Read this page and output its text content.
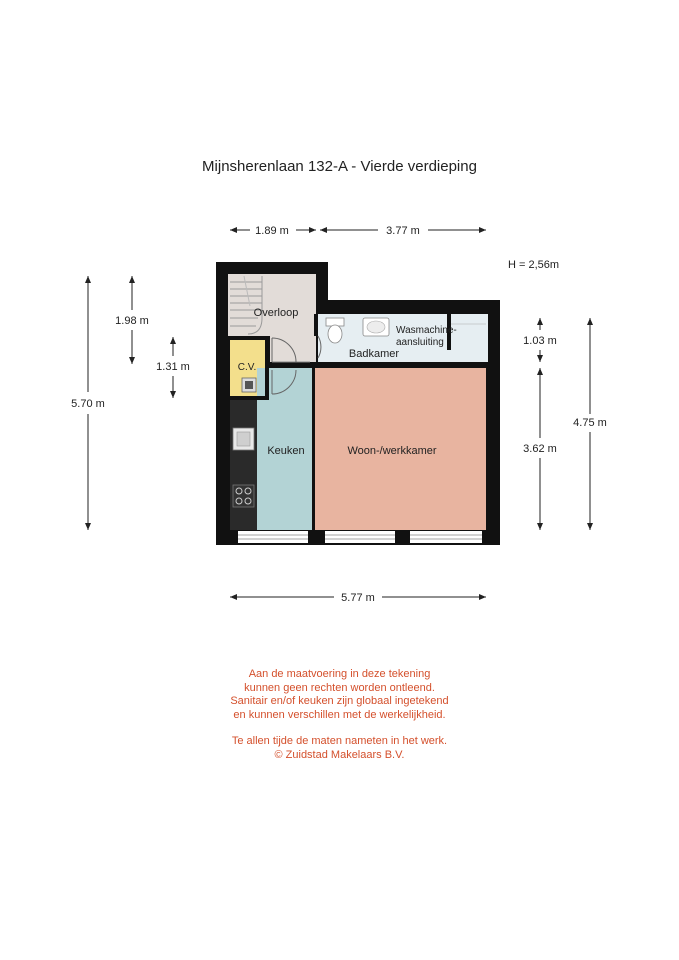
Mijnsherenlaan 132-A - Vierde verdieping
H = 2,56m
1.89 m	3.77 m
5.77 m
5.70 m
1.98 m
1.31 m
1.03 m
3.62 m
4.75 m
Overloop
C.V.
Badkamer
Wasmachine-
aansluiting
Keuken	Woon-/werkkamer
Aan de maatvoering in deze tekening
kunnen geen rechten worden ontleend.
Sanitair en/of keuken zijn globaal ingetekend
en kunnen verschillen met de werkelijkheid.
Te allen tijde de maten nameten in het werk.
© Zuidstad Makelaars B.V.
